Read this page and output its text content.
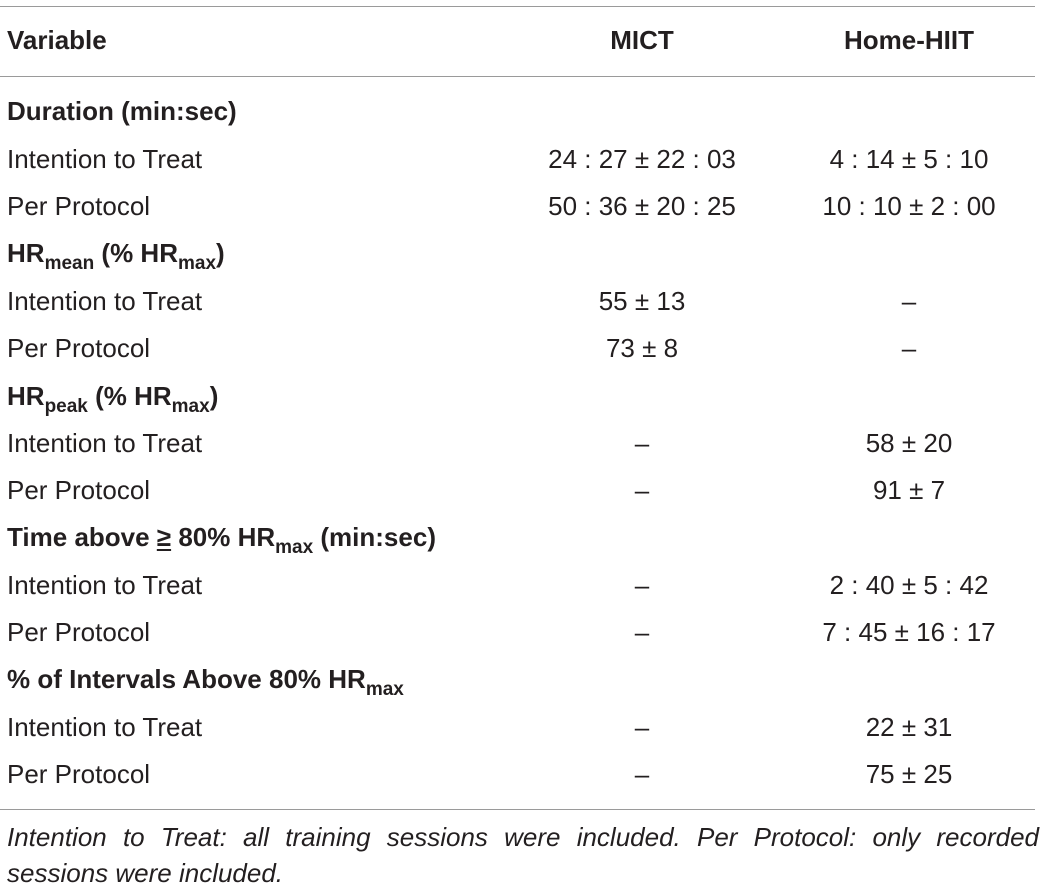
Variable	MICT	Home-HIIT
Duration (min:sec)
Intention to Treat	24 : 27 ± 22 : 03	4 : 14 ± 5 : 10
Per Protocol	50 : 36 ± 20 : 25	10 : 10 ± 2 : 00
$HR_{mean}$ (% $HR_{max}$)
Intention to Treat	55 ± 13	–
Per Protocol	73 ± 8	–
$HR_{peak}$ (% $HR_{max}$)
Intention to Treat	–	58 ± 20
Per Protocol	–	91 ± 7
Time above ≥ 80% $HR_{max}$ (min:sec)
Intention to Treat	–	2 : 40 ± 5 : 42
Per Protocol	–	7 : 45 ± 16 : 17
% of Intervals Above 80% $HR_{max}$
Intention to Treat	–	22 ± 31
Per Protocol	–	75 ± 25
Intention to Treat: all training sessions were included. Per Protocol: only recorded sessions were included.
